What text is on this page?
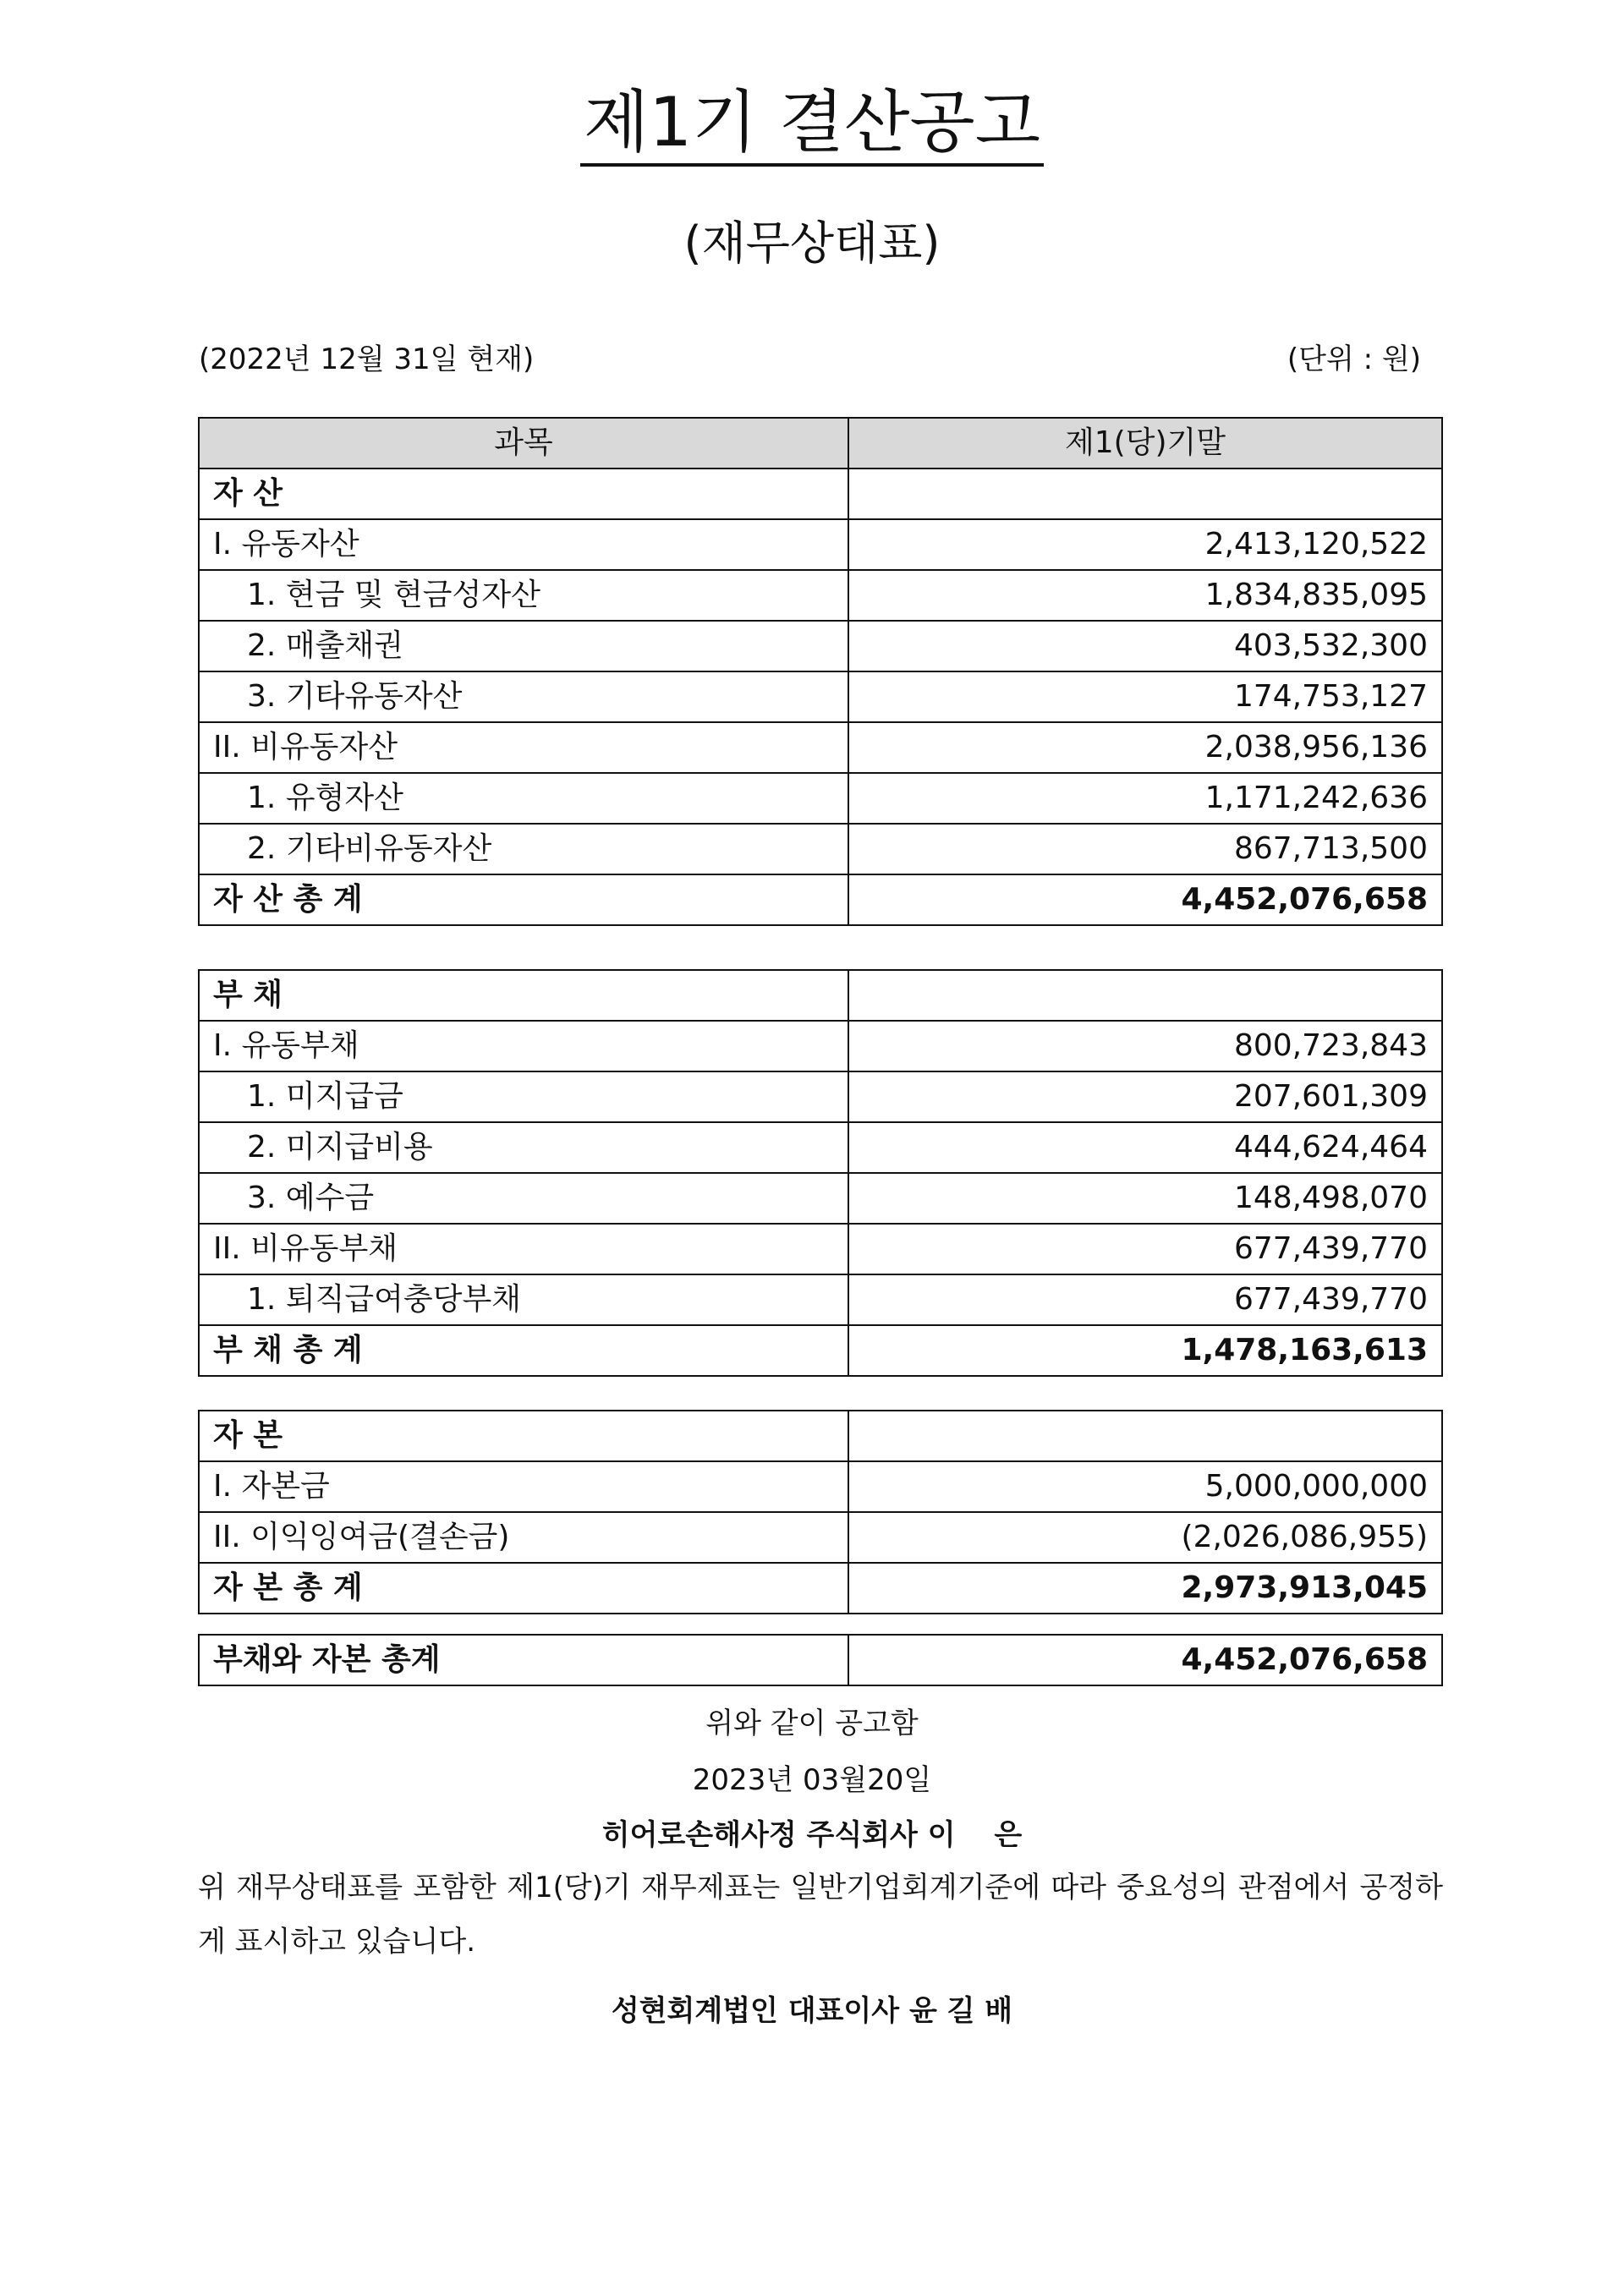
제1기 결산공고
(재무상태표)
(2022년 12월 31일 현재)	(단위 : 원)
과목	제1(당)기말
자 산	
I. 유동자산	2,413,120,522
1. 현금 및 현금성자산	1,834,835,095
2. 매출채권	403,532,300
3. 기타유동자산	174,753,127
II. 비유동자산	2,038,956,136
1. 유형자산	1,171,242,636
2. 기타비유동자산	867,713,500
자 산 총 계	4,452,076,658
부 채	
I. 유동부채	800,723,843
1. 미지급금	207,601,309
2. 미지급비용	444,624,464
3. 예수금	148,498,070
II. 비유동부채	677,439,770
1. 퇴직급여충당부채	677,439,770
부 채 총 계	1,478,163,613
자 본	
I. 자본금	5,000,000,000
II. 이익잉여금(결손금)	(2,026,086,955)
자 본 총 계	2,973,913,045
부채와 자본 총계	4,452,076,658
위와 같이 공고함
2023년 03월20일
히어로손해사정 주식회사 이　 은
위 재무상태표를 포함한 제1(당)기 재무제표는 일반기업회계기준에 따라 중요성의 관점에서 공정하게 표시하고 있습니다.
성현회계법인 대표이사 윤 길 배
